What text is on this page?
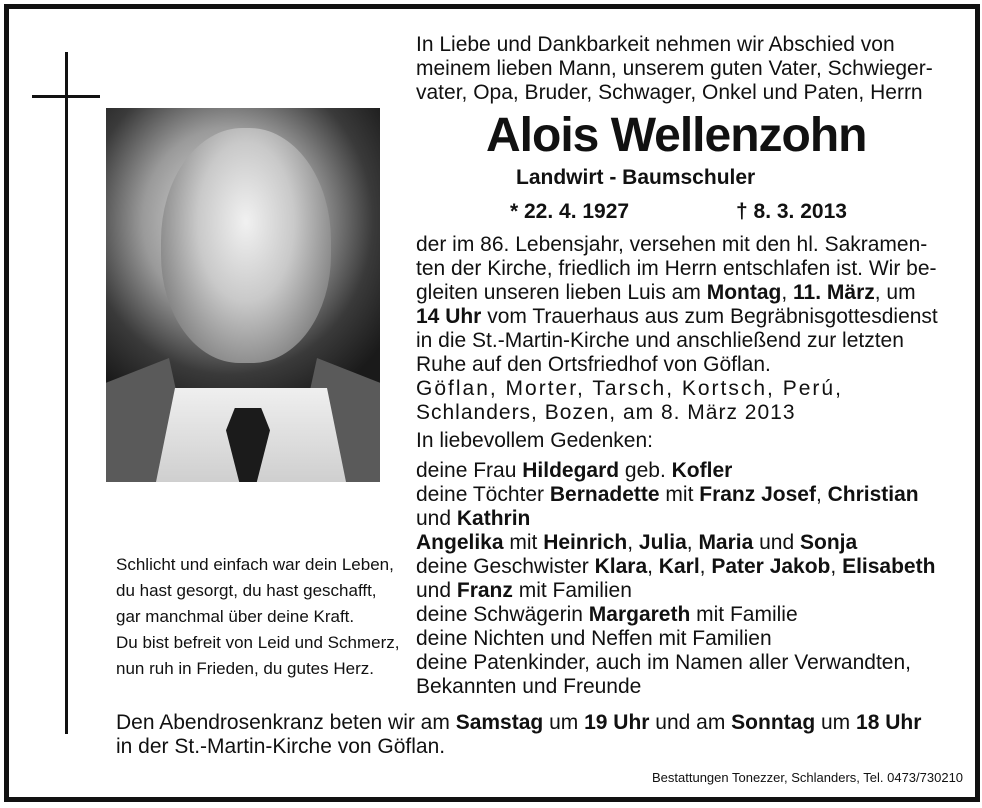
In Liebe und Dankbarkeit nehmen wir Abschied von
meinem lieben Mann, unserem guten Vater, Schwieger-
vater, Opa, Bruder, Schwager, Onkel und Paten, Herrn
Alois Wellenzohn
Landwirt - Baumschuler
* 22. 4. 1927	† 8. 3. 2013
der im 86. Lebensjahr, versehen mit den hl. Sakramen-
ten der Kirche, friedlich im Herrn entschlafen ist. Wir be-
gleiten unseren lieben Luis am Montag, 11. März, um
14 Uhr vom Trauerhaus aus zum Begräbnisgottesdienst
in die St.-Martin-Kirche und anschließend zur letzten
Ruhe auf den Ortsfriedhof von Göflan.
Göflan, Morter, Tarsch, Kortsch, Perú,
Schlanders, Bozen, am 8. März 2013
In liebevollem Gedenken:
deine Frau Hildegard geb. Kofler
deine Töchter Bernadette mit Franz Josef, Christian
und Kathrin
Angelika mit Heinrich, Julia, Maria und Sonja
deine Geschwister Klara, Karl, Pater Jakob, Elisabeth
und Franz mit Familien
deine Schwägerin Margareth mit Familie
deine Nichten und Neffen mit Familien
deine Patenkinder, auch im Namen aller Verwandten,
Bekannten und Freunde
Schlicht und einfach war dein Leben,
du hast gesorgt, du hast geschafft,
gar manchmal über deine Kraft.
Du bist befreit von Leid und Schmerz,
nun ruh in Frieden, du gutes Herz.
Den Abendrosenkranz beten wir am Samstag um 19 Uhr und am Sonntag um 18 Uhr
in der St.-Martin-Kirche von Göflan.
Bestattungen Tonezzer, Schlanders, Tel. 0473/730210
